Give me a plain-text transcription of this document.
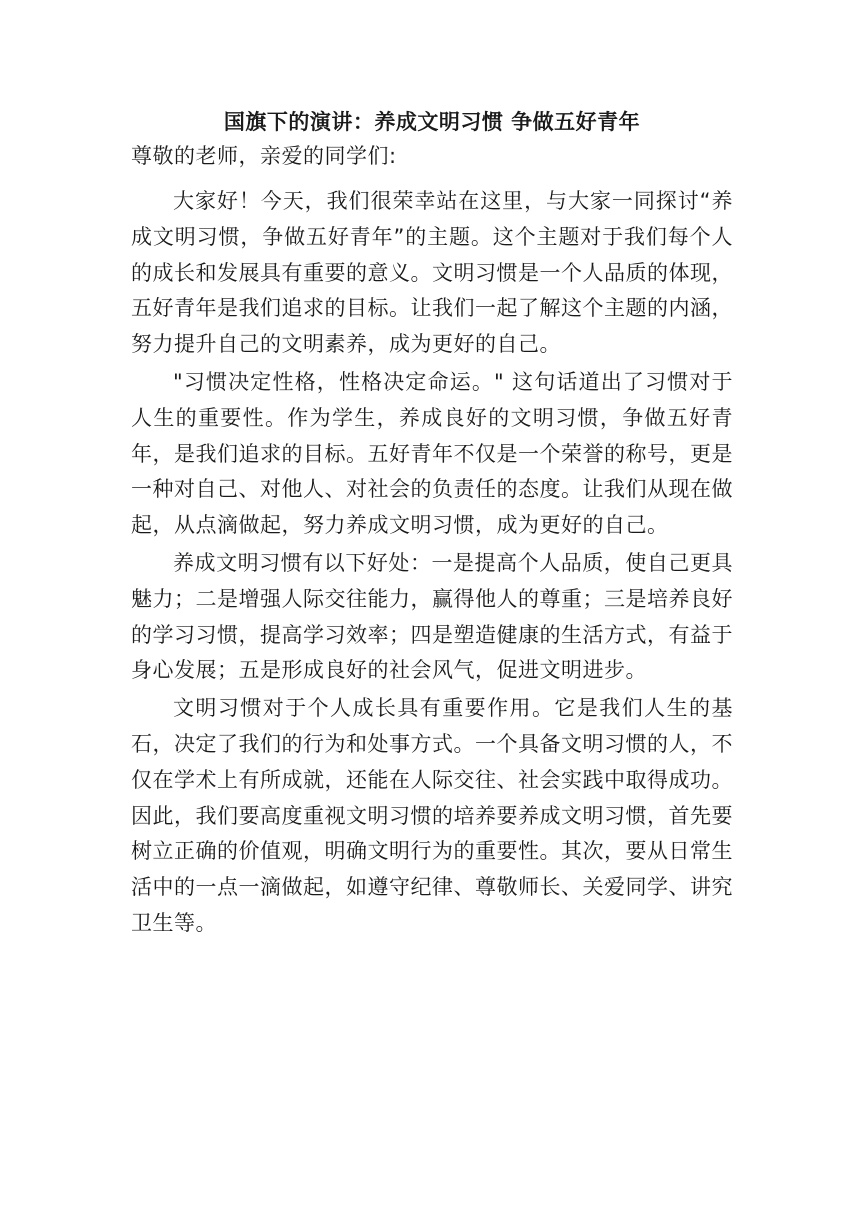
国旗下的演讲：养成文明习惯 争做五好青年

尊敬的老师，亲爱的同学们:

大家好！今天，我们很荣幸站在这里，与大家一同探讨“养成文明习惯，争做五好青年”的主题。这个主题对于我们每个人的成长和发展具有重要的意义。文明习惯是一个人品质的体现，五好青年是我们追求的目标。让我们一起了解这个主题的内涵，努力提升自己的文明素养，成为更好的自己。

"习惯决定性格，性格决定命运。" 这句话道出了习惯对于人生的重要性。作为学生，养成良好的文明习惯，争做五好青年，是我们追求的目标。五好青年不仅是一个荣誉的称号，更是一种对自己、对他人、对社会的负责任的态度。让我们从现在做起，从点滴做起，努力养成文明习惯，成为更好的自己。

养成文明习惯有以下好处：一是提高个人品质，使自己更具魅力；二是增强人际交往能力，赢得他人的尊重；三是培养良好的学习习惯，提高学习效率；四是塑造健康的生活方式，有益于身心发展；五是形成良好的社会风气，促进文明进步。

文明习惯对于个人成长具有重要作用。它是我们人生的基石，决定了我们的行为和处事方式。一个具备文明习惯的人，不仅在学术上有所成就，还能在人际交往、社会实践中取得成功。因此，我们要高度重视文明习惯的培养要养成文明习惯，首先要树立正确的价值观，明确文明行为的重要性。其次，要从日常生活中的一点一滴做起，如遵守纪律、尊敬师长、关爱同学、讲究卫生等。
